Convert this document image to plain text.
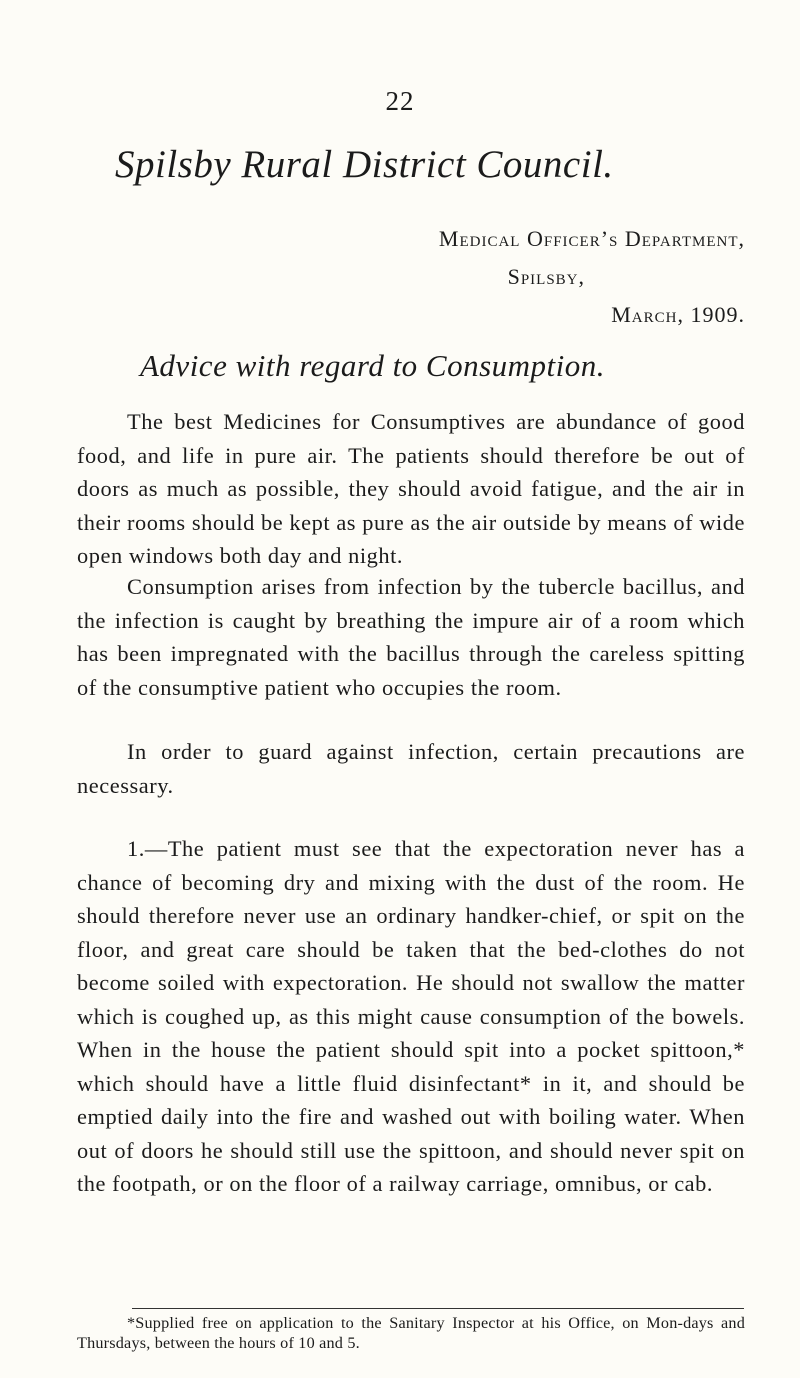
22
Spilsby Rural District Council.
Medical Officer’s Department,
Spilsby,
March, 1909.
Advice with regard to Consumption.

The best Medicines for Consumptives are abundance of good food, and life in pure air. The patients should therefore be out of doors as much as possible, they should avoid fatigue, and the air in their rooms should be kept as pure as the air outside by means of wide open windows both day and night.

Consumption arises from infection by the tubercle bacillus, and the infection is caught by breathing the impure air of a room which has been impregnated with the bacillus through the careless spitting of the consumptive patient who occupies the room.

In order to guard against infection, certain precautions are necessary.

1.—The patient must see that the expectoration never has a chance of becoming dry and mixing with the dust of the room. He should therefore never use an ordinary handker-chief, or spit on the floor, and great care should be taken that the bed-clothes do not become soiled with expectoration. He should not swallow the matter which is coughed up, as this might cause consumption of the bowels. When in the house the patient should spit into a pocket spittoon,* which should have a little fluid disinfectant* in it, and should be emptied daily into the fire and washed out with boiling water. When out of doors he should still use the spittoon, and should never spit on the footpath, or on the floor of a railway carriage, omnibus, or cab.

*Supplied free on application to the Sanitary Inspector at his Office, on Mon-days and Thursdays, between the hours of 10 and 5.
